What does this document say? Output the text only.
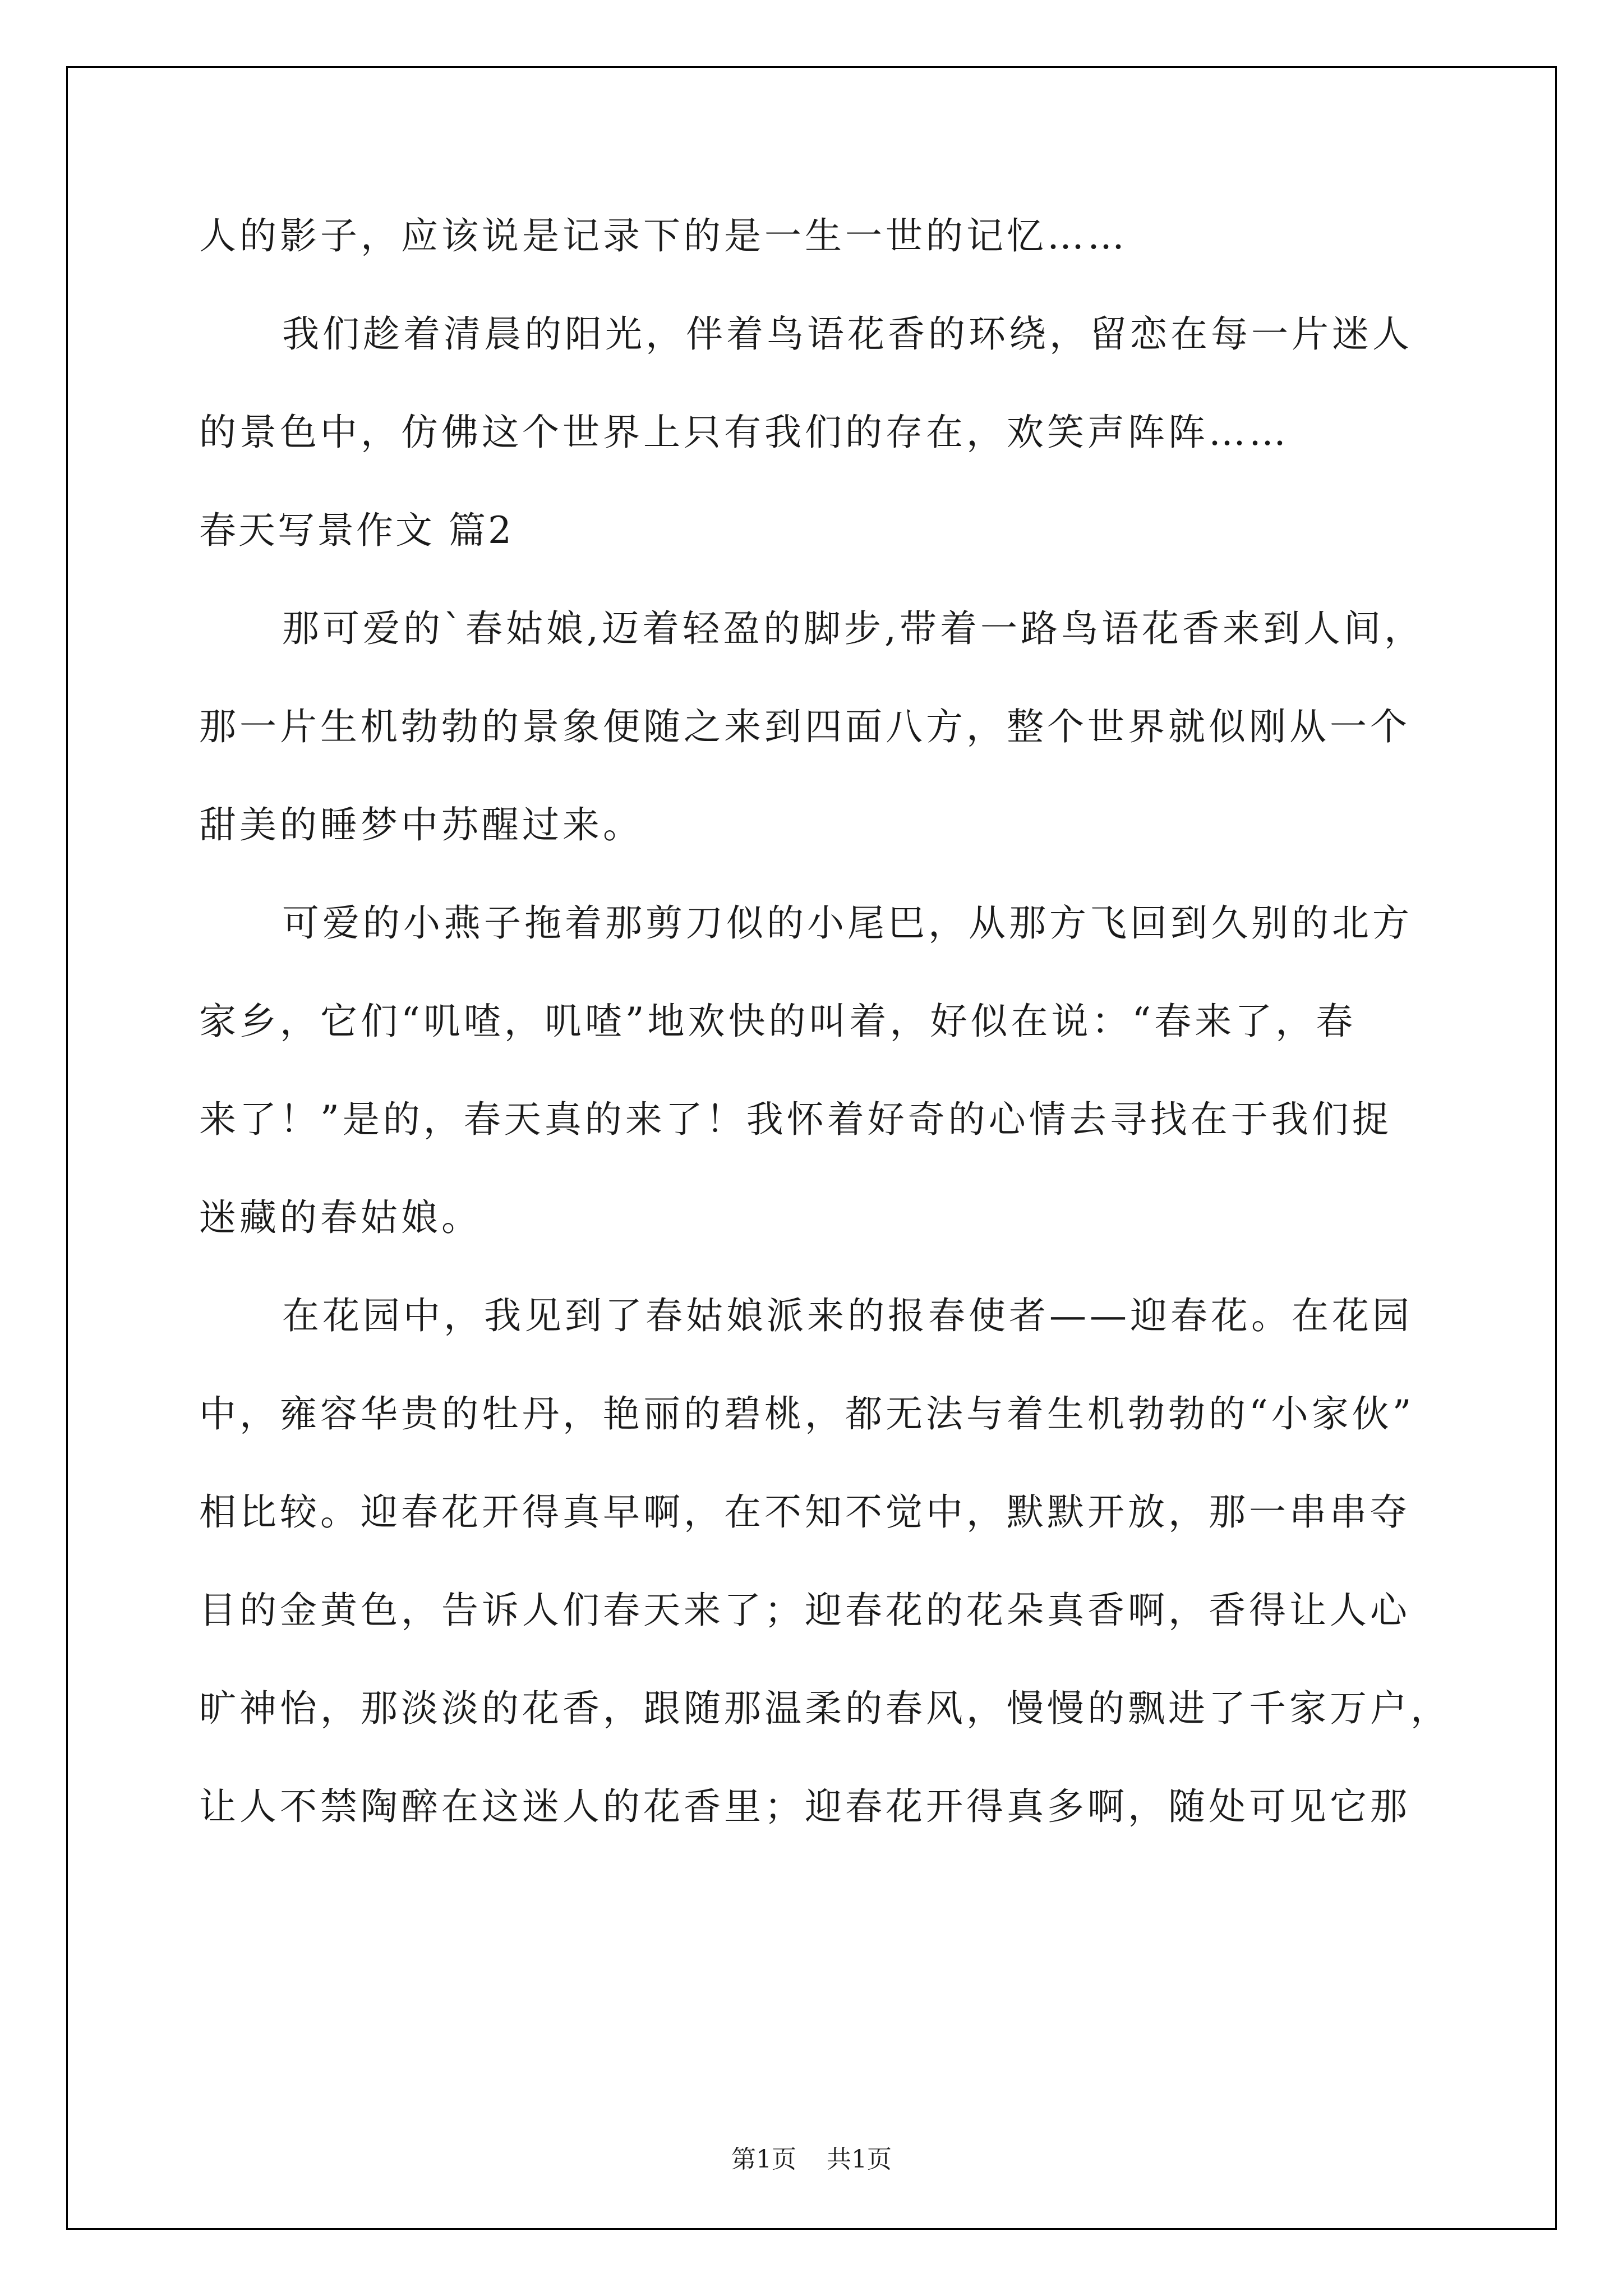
人的影子，应该说是记录下的是一生一世的记忆……
我们趁着清晨的阳光，伴着鸟语花香的环绕，留恋在每一片迷人
的景色中，仿佛这个世界上只有我们的存在，欢笑声阵阵……
春天写景作文 篇2
那可爱的`春姑娘,迈着轻盈的脚步,带着一路鸟语花香来到人间，
那一片生机勃勃的景象便随之来到四面八方，整个世界就似刚从一个
甜美的睡梦中苏醒过来。
可爱的小燕子拖着那剪刀似的小尾巴，从那方飞回到久别的北方
家乡，它们“叽喳，叽喳”地欢快的叫着，好似在说：“春来了，春
来了！”是的，春天真的来了！我怀着好奇的心情去寻找在于我们捉
迷藏的春姑娘。
在花园中，我见到了春姑娘派来的报春使者——迎春花。在花园
中，雍容华贵的牡丹，艳丽的碧桃，都无法与着生机勃勃的“小家伙”
相比较。迎春花开得真早啊，在不知不觉中，默默开放，那一串串夺
目的金黄色，告诉人们春天来了；迎春花的花朵真香啊，香得让人心
旷神怡，那淡淡的花香，跟随那温柔的春风，慢慢的飘进了千家万户，
让人不禁陶醉在这迷人的花香里；迎春花开得真多啊，随处可见它那
第1页 共1页
